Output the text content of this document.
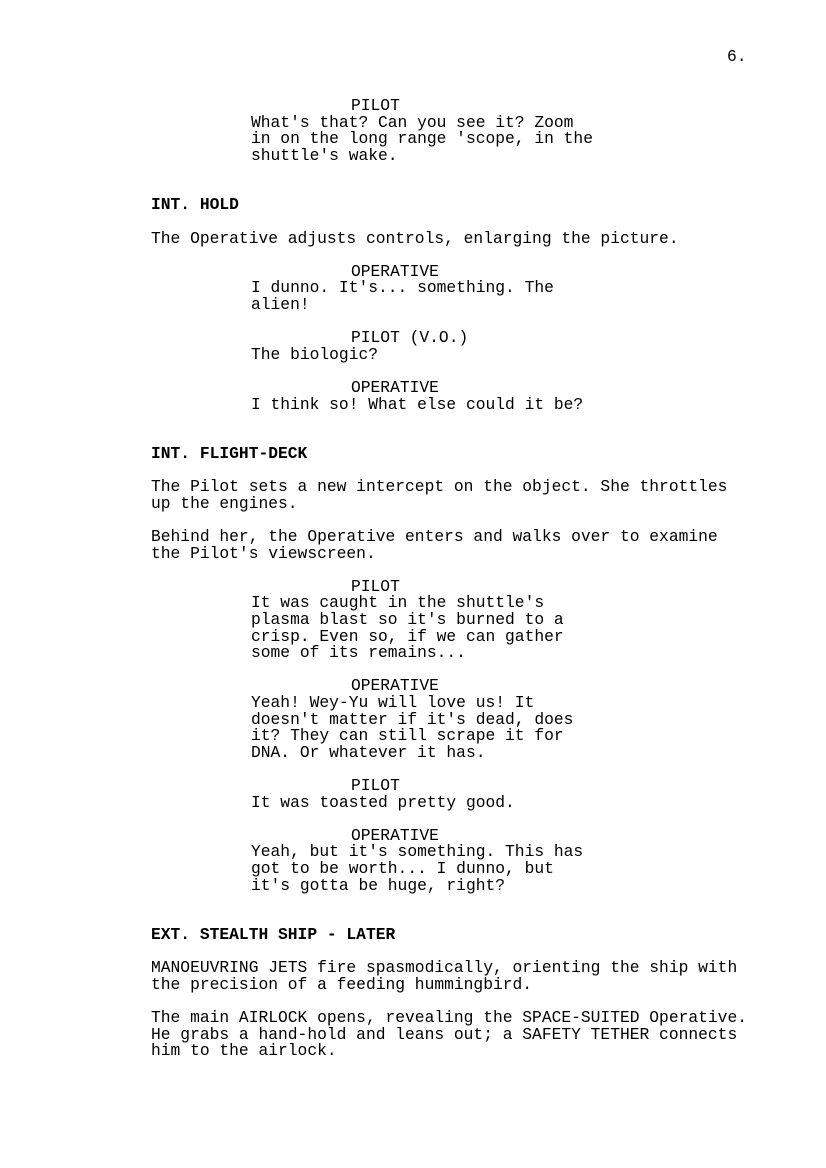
6.
PILOT
What's that? Can you see it? Zoom
in on the long range 'scope, in the
shuttle's wake.
INT. HOLD
The Operative adjusts controls, enlarging the picture.
OPERATIVE
I dunno. It's... something. The
alien!
PILOT (V.O.)
The biologic?
OPERATIVE
I think so! What else could it be?
INT. FLIGHT-DECK
The Pilot sets a new intercept on the object. She throttles
up the engines.
Behind her, the Operative enters and walks over to examine
the Pilot's viewscreen.
PILOT
It was caught in the shuttle's
plasma blast so it's burned to a
crisp. Even so, if we can gather
some of its remains...
OPERATIVE
Yeah! Wey-Yu will love us! It
doesn't matter if it's dead, does
it? They can still scrape it for
DNA. Or whatever it has.
PILOT
It was toasted pretty good.
OPERATIVE
Yeah, but it's something. This has
got to be worth... I dunno, but
it's gotta be huge, right?
EXT. STEALTH SHIP - LATER
MANOEUVRING JETS fire spasmodically, orienting the ship with
the precision of a feeding hummingbird.
The main AIRLOCK opens, revealing the SPACE-SUITED Operative.
He grabs a hand-hold and leans out; a SAFETY TETHER connects
him to the airlock.
